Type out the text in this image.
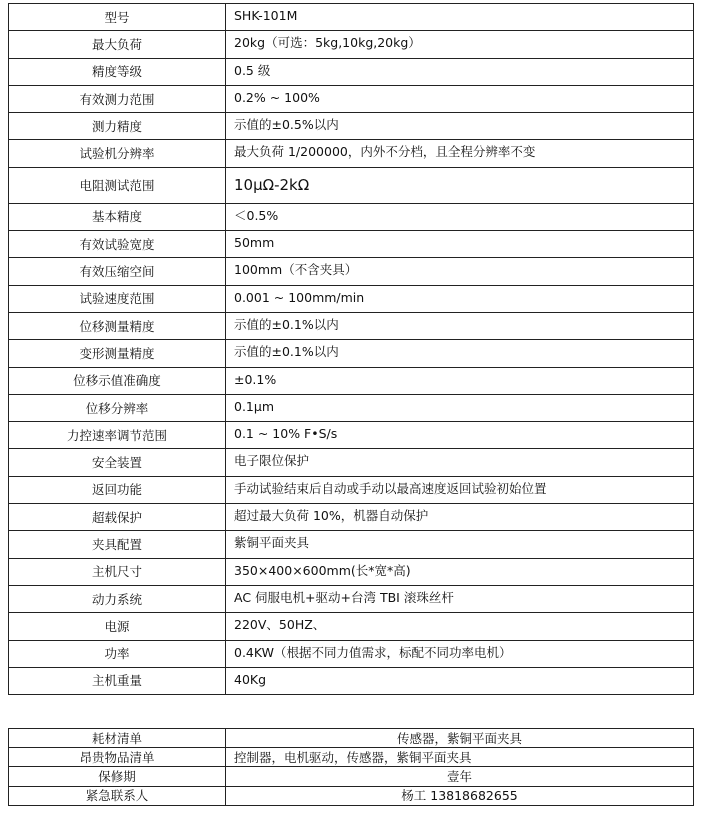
型号	SHK-101M
最大负荷	20kg（可选：5kg,10kg,20kg）
精度等级	0.5 级
有效测力范围	0.2% ~ 100%
测力精度	示值的±0.5%以内
试验机分辨率	最大负荷 1/200000，内外不分档，且全程分辨率不变
电阻测试范围	10μΩ-2kΩ
基本精度	＜0.5%
有效试验宽度	50mm
有效压缩空间	100mm（不含夹具）
试验速度范围	0.001 ~ 100mm/min
位移测量精度	示值的±0.1%以内
变形测量精度	示值的±0.1%以内
位移示值准确度	±0.1%
位移分辨率	0.1μm
力控速率调节范围	0.1 ~ 10% F•S/s
安全装置	电子限位保护
返回功能	手动试验结束后自动或手动以最高速度返回试验初始位置
超载保护	超过最大负荷 10%，机器自动保护
夹具配置	紫铜平面夹具
主机尺寸	350×400×600mm(长*宽*高)
动力系统	AC 伺服电机+驱动+台湾 TBI 滚珠丝杆
电源	220V、50HZ、
功率	0.4KW（根据不同力值需求，标配不同功率电机）
主机重量	40Kg
耗材清单	传感器，紫铜平面夹具
昂贵物品清单	控制器，电机驱动，传感器，紫铜平面夹具
保修期	壹年
紧急联系人	杨工 13818682655
